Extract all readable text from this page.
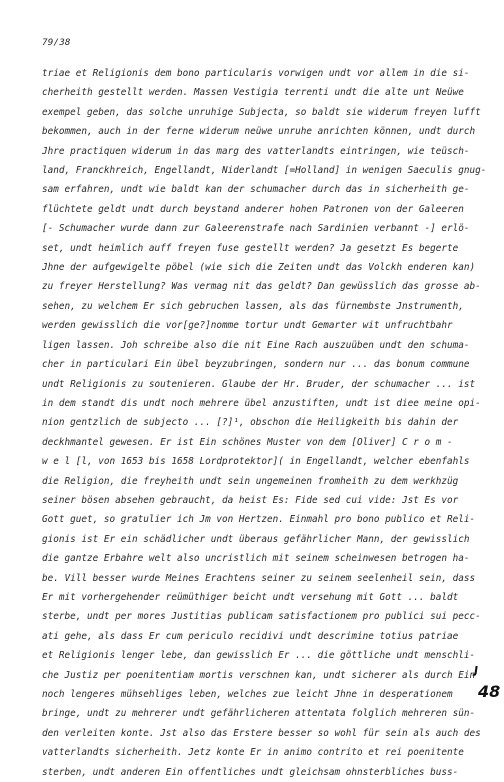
79/38
triae et Religionis dem bono particularis vorwigen undt vor allem in die si-
cherheith gestellt werden. Massen Vestigia terrenti undt die alte unt Neüwe
exempel geben, das solche unruhige Subjecta, so baldt sie widerum freyen lufft
bekommen, auch in der ferne widerum neüwe unruhe anrichten können, undt durch
Jhre practiquen widerum in das marg des vatterlandts eintringen, wie teüsch-
land, Franckhreich, Engellandt, Niderlandt [=Holland] in wenigen Saeculis gnug-
sam erfahren, undt wie baldt kan der schumacher durch das in sicherheith ge-
flüchtete geldt undt durch beystand anderer hohen Patronen von der Galeeren
[- Schumacher wurde dann zur Galeerenstrafe nach Sardinien verbannt -] erlö-
set, undt heimlich auff freyen fuse gestellt werden? Ja gesetzt Es begerte
Jhne der aufgewigelte pöbel (wie sich die Zeiten undt das Volckh enderen kan)
zu freyer Herstellung? Was vermag nit das geldt? Dan gewüsslich das grosse ab-
sehen, zu welchem Er sich gebruchen lassen, als das fürnembste Jnstrumenth,
werden gewisslich die vor[ge?]nomme tortur undt Gemarter wit unfruchtbahr
ligen lassen. Joh schreibe also die nit Eine Rach auszuüben undt den schuma-
cher in particulari Ein übel beyzubringen, sondern nur ... das bonum commune
undt Religionis zu soutenieren. Glaube der Hr. Bruder, der schumacher ... ist
in dem standt dis undt noch mehrere übel anzustiften, undt ist diee meine opi-
nion gentzlich de subjecto ... [?]¹, obschon die Heiligkeith bis dahin der
deckhmantel gewesen. Er ist Ein schönes Muster von dem [Oliver] C r o m -
w e l [l, von 1653 bis 1658 Lordprotektor]( in Engellandt, welcher ebenfahls
die Religion, die freyheith undt sein ungemeinen fromheith zu dem werkhzüg
seiner bösen absehen gebraucht, da heist Es: Fide sed cui vide: Jst Es vor
Gott guet, so gratulier ich Jm von Hertzen. Einmahl pro bono publico et Reli-
gionis ist Er ein schädlicher undt überaus gefährlicher Mann, der gewisslich
die gantze Erbahre welt also uncristlich mit seinem scheinwesen betrogen ha-
be. Vill besser wurde Meines Erachtens seiner zu seinem seelenheil sein, dass
Er mit vorhergehender reümüthiger beicht undt versehung mit Gott ... baldt
sterbe, undt per mores Justitias publicam satisfactionem pro publici sui pecc-
ati gehe, als dass Er cum periculo recidivi undt descrimine totius patriae
et Religionis lenger lebe, dan gewisslich Er ... die göttliche undt menschli-
che Justiz per poenitentiam mortis verschnen kan, undt sicherer als durch Ein
noch lengeres mühsehliges leben, welches zue leicht Jhne in desperationem
bringe, undt zu mehrerer undt gefährlicheren attentata folglich mehreren sün-
den verleiten konte. Jst also das Erstere besser so wohl für sein als auch des
vatterlandts sicherheith. Jetz konte Er in animo contrito et rei poenitente
sterben, undt anderen Ein offentliches undt gleichsam ohnsterbliches buss-
J
48
